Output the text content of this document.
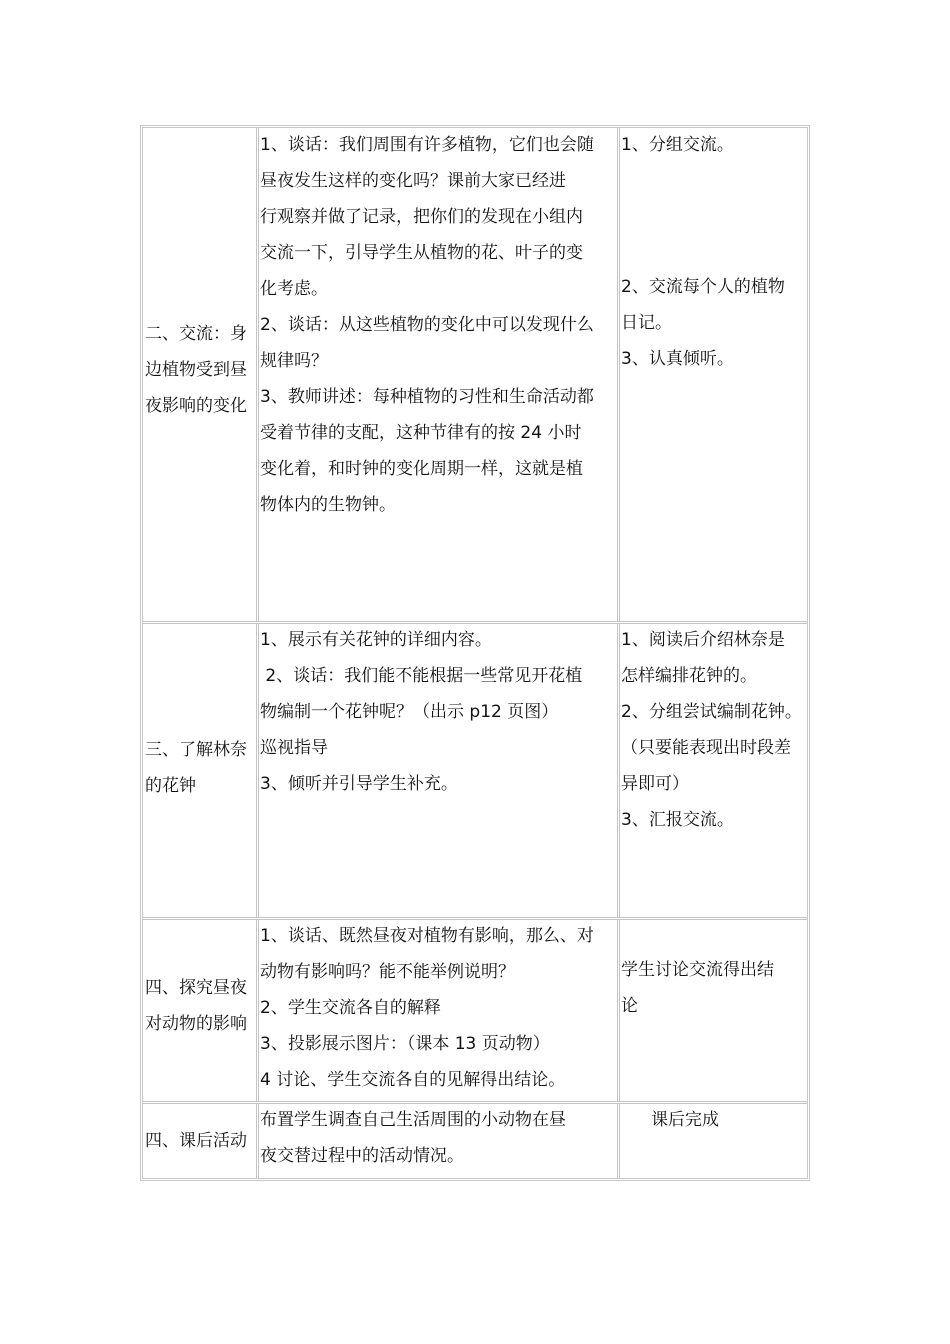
二、交流：身
边植物受到昼
夜影响的变化
1、谈话：我们周围有许多植物，它们也会随
昼夜发生这样的变化吗？课前大家已经进
行观察并做了记录，把你们的发现在小组内
交流一下，引导学生从植物的花、叶子的变
化考虑。
2、谈话：从这些植物的变化中可以发现什么
规律吗？
3、教师讲述：每种植物的习性和生命活动都
受着节律的支配，这种节律有的按 24 小时
变化着，和时钟的变化周期一样，这就是植
物体内的生物钟。
1、分组交流。
2、交流每个人的植物
日记。
3、认真倾听。
三、了解林奈
的花钟
1、展示有关花钟的详细内容。
2、谈话：我们能不能根据一些常见开花植
物编制一个花钟呢？（出示 p12 页图）
巡视指导
3、倾听并引导学生补充。
1、阅读后介绍林奈是
怎样编排花钟的。
2、分组尝试编制花钟。
（只要能表现出时段差
异即可）
3、汇报交流。
四、探究昼夜
对动物的影响
1、谈话、既然昼夜对植物有影响，那么、对
动物有影响吗？能不能举例说明？
2、学生交流各自的解释
3、投影展示图片：（课本 13 页动物）
4 讨论、学生交流各自的见解得出结论。
学生讨论交流得出结
论
四、课后活动
布置学生调查自己生活周围的小动物在昼
夜交替过程中的活动情况。
课后完成
